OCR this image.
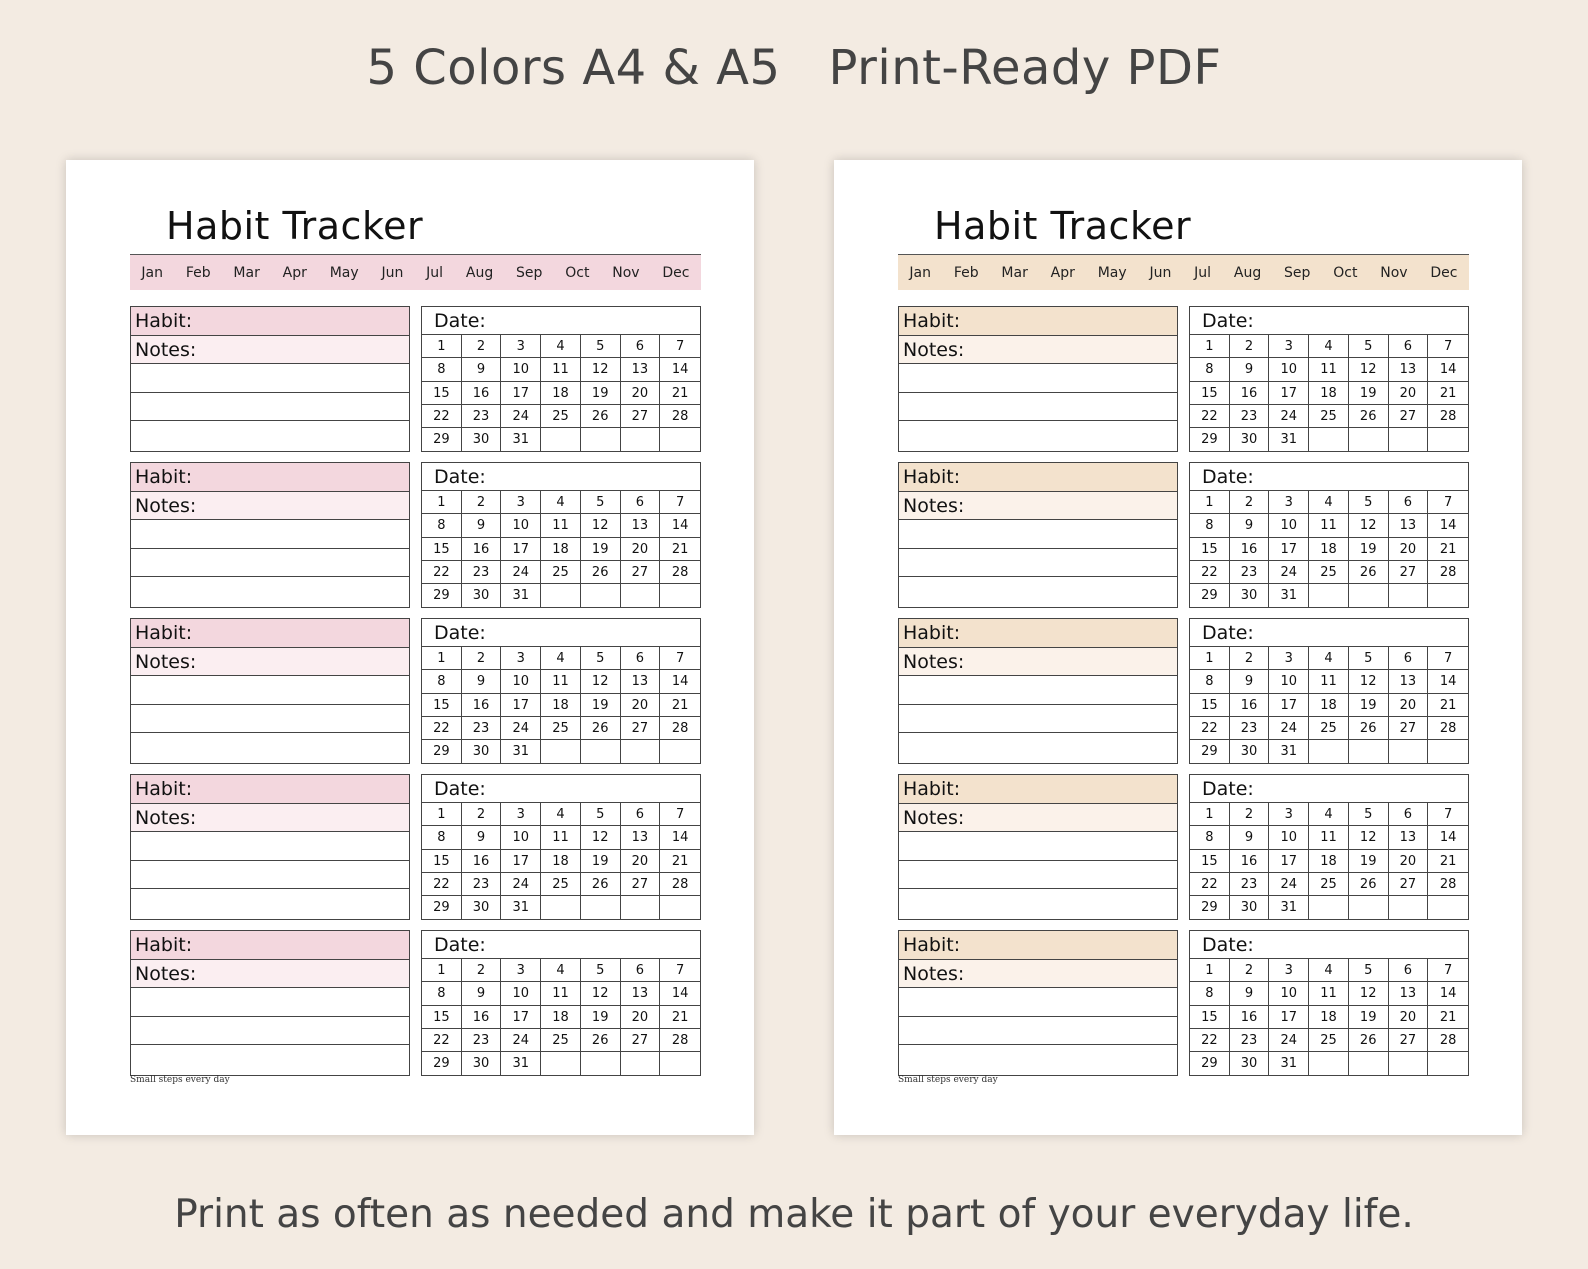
5 Colors A4 & A5 Print-Ready PDF
Habit Tracker
Jan Feb Mar Apr May Jun Jul Aug Sep Oct Nov Dec
Habit:
Notes:
Date:
1	2	3	4	5	6	7
8	9	10	11	12	13	14
15	16	17	18	19	20	21
22	23	24	25	26	27	28
29	30	31
Habit:
Notes:
Date:
1	2	3	4	5	6	7
8	9	10	11	12	13	14
15	16	17	18	19	20	21
22	23	24	25	26	27	28
29	30	31
Habit:
Notes:
Date:
1	2	3	4	5	6	7
8	9	10	11	12	13	14
15	16	17	18	19	20	21
22	23	24	25	26	27	28
29	30	31
Habit:
Notes:
Date:
1	2	3	4	5	6	7
8	9	10	11	12	13	14
15	16	17	18	19	20	21
22	23	24	25	26	27	28
29	30	31
Habit:
Notes:
Date:
1	2	3	4	5	6	7
8	9	10	11	12	13	14
15	16	17	18	19	20	21
22	23	24	25	26	27	28
29	30	31
Small steps every day
Habit Tracker
Jan Feb Mar Apr May Jun Jul Aug Sep Oct Nov Dec
Habit:
Notes:
Date:
1	2	3	4	5	6	7
8	9	10	11	12	13	14
15	16	17	18	19	20	21
22	23	24	25	26	27	28
29	30	31
Habit:
Notes:
Date:
1	2	3	4	5	6	7
8	9	10	11	12	13	14
15	16	17	18	19	20	21
22	23	24	25	26	27	28
29	30	31
Habit:
Notes:
Date:
1	2	3	4	5	6	7
8	9	10	11	12	13	14
15	16	17	18	19	20	21
22	23	24	25	26	27	28
29	30	31
Habit:
Notes:
Date:
1	2	3	4	5	6	7
8	9	10	11	12	13	14
15	16	17	18	19	20	21
22	23	24	25	26	27	28
29	30	31
Habit:
Notes:
Date:
1	2	3	4	5	6	7
8	9	10	11	12	13	14
15	16	17	18	19	20	21
22	23	24	25	26	27	28
29	30	31
Small steps every day
Print as often as needed and make it part of your everyday life.
